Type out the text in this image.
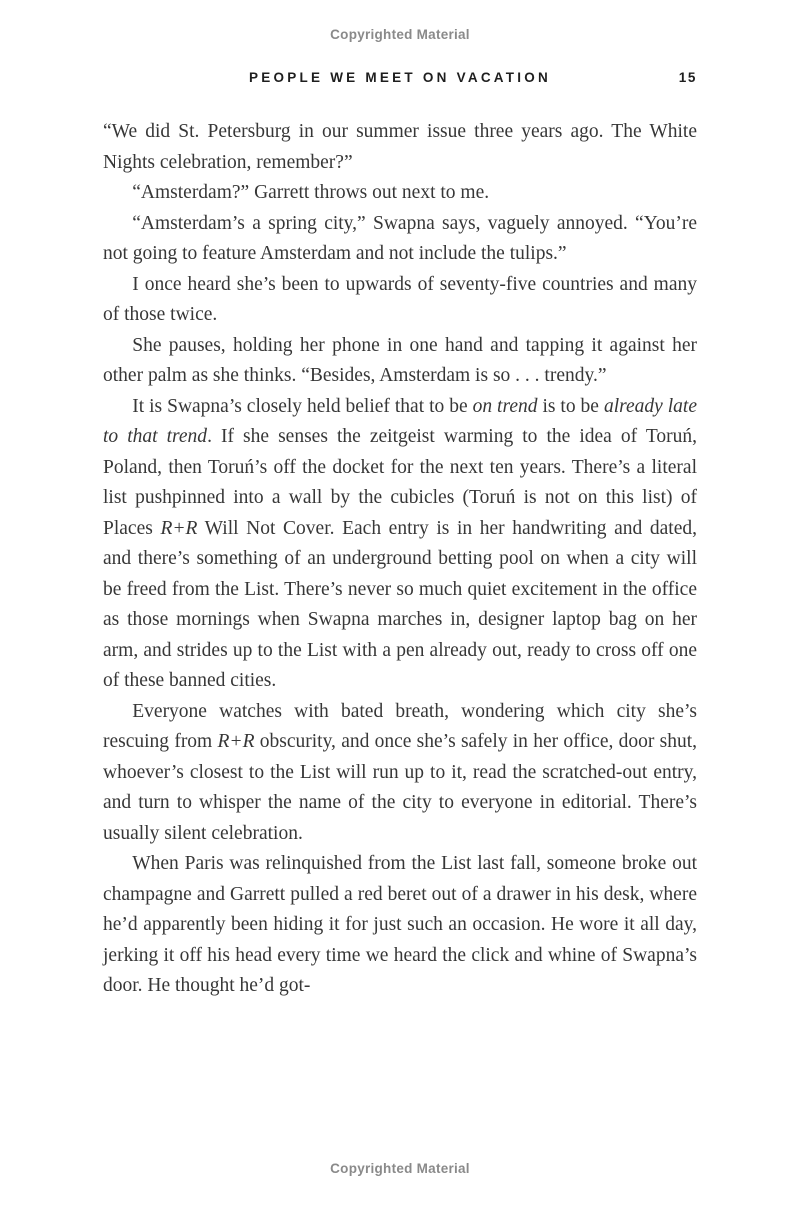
Copyrighted Material
PEOPLE WE MEET ON VACATION	15

“We did St. Petersburg in our summer issue three years ago. The White Nights celebration, remember?”

“Amsterdam?” Garrett throws out next to me.

“Amsterdam’s a spring city,” Swapna says, vaguely annoyed. “You’re not going to feature Amsterdam and not include the tulips.”

I once heard she’s been to upwards of seventy-five countries and many of those twice.

She pauses, holding her phone in one hand and tapping it against her other palm as she thinks. “Besides, Amsterdam is so . . . trendy.”

It is Swapna’s closely held belief that to be on trend is to be already late to that trend. If she senses the zeitgeist warming to the idea of Toruń, Poland, then Toruń’s off the docket for the next ten years. There’s a literal list pushpinned into a wall by the cubicles (Toruń is not on this list) of Places R+R Will Not Cover. Each entry is in her handwriting and dated, and there’s something of an underground betting pool on when a city will be freed from the List. There’s never so much quiet excitement in the office as those mornings when Swapna marches in, designer laptop bag on her arm, and strides up to the List with a pen already out, ready to cross off one of these banned cities.

Everyone watches with bated breath, wondering which city she’s rescuing from R+R obscurity, and once she’s safely in her office, door shut, whoever’s closest to the List will run up to it, read the scratched-out entry, and turn to whisper the name of the city to everyone in editorial. There’s usually silent celebration.

When Paris was relinquished from the List last fall, someone broke out champagne and Garrett pulled a red beret out of a drawer in his desk, where he’d apparently been hiding it for just such an occasion. He wore it all day, jerking it off his head every time we heard the click and whine of Swapna’s door. He thought he’d got-

Copyrighted Material
